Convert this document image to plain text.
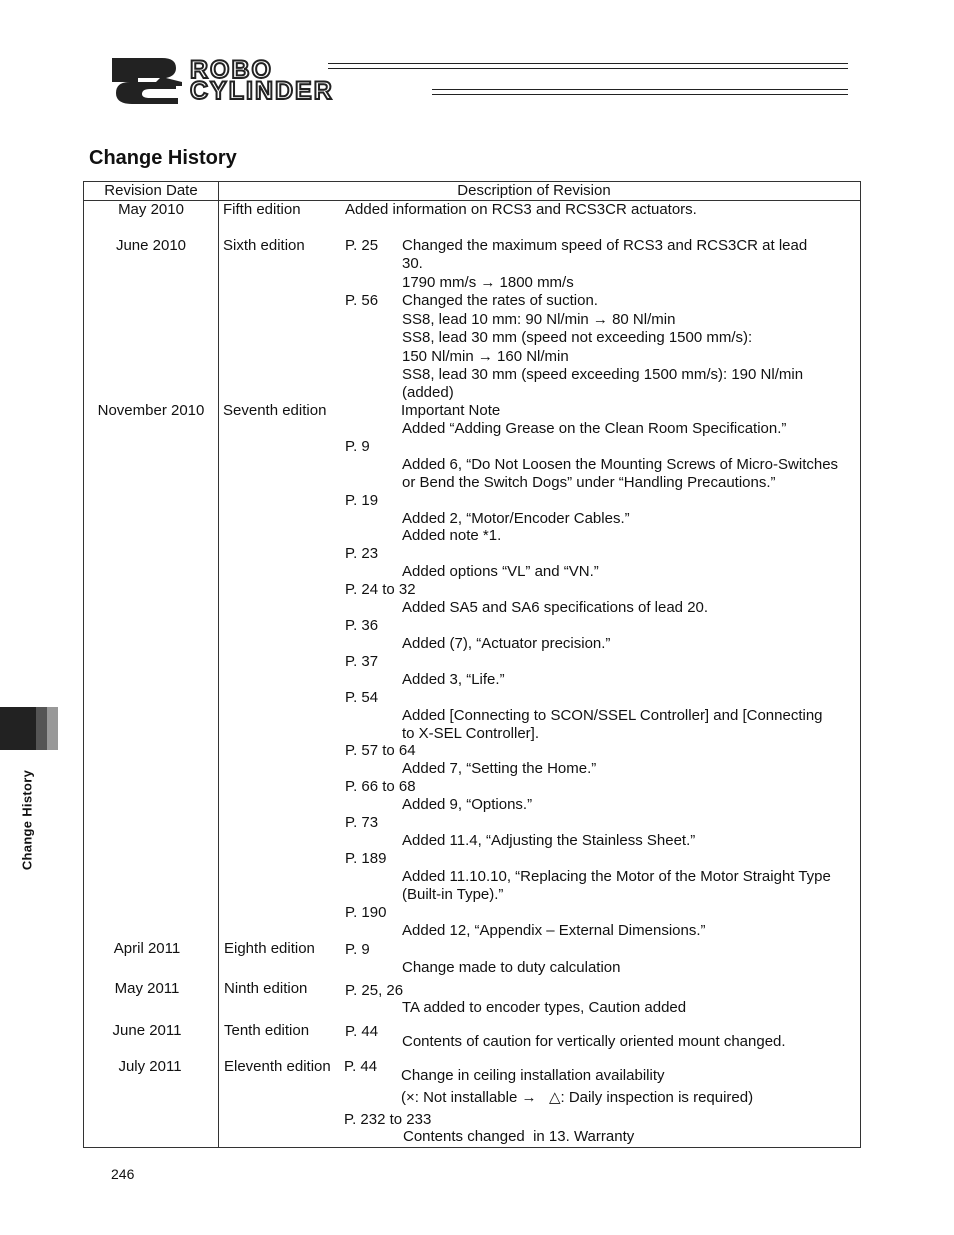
ROBO
CYLINDER
Change History
Revision Date	Description of Revision
May 2010	Fifth edition	Added information on RCS3 and RCS3CR actuators.
June 2010	Sixth edition	P. 25 Changed the maximum speed of RCS3 and RCS3CR at lead
30.
1790 mm/s → 1800 mm/s
P. 56 Changed the rates of suction.
SS8, lead 10 mm: 90 Nl/min → 80 Nl/min
SS8, lead 30 mm (speed not exceeding 1500 mm/s):
150 Nl/min → 160 Nl/min
SS8, lead 30 mm (speed exceeding 1500 mm/s): 190 Nl/min
(added)
November 2010	Seventh edition	Important Note
Added “Adding Grease on the Clean Room Specification.”
P. 9
Added 6, “Do Not Loosen the Mounting Screws of Micro-Switches
or Bend the Switch Dogs” under “Handling Precautions.”
P. 19
Added 2, “Motor/Encoder Cables.”
Added note *1.
P. 23
Added options “VL” and “VN.”
P. 24 to 32
Added SA5 and SA6 specifications of lead 20.
P. 36
Added (7), “Actuator precision.”
P. 37
Added 3, “Life.”
P. 54
Added [Connecting to SCON/SSEL Controller] and [Connecting
to X-SEL Controller].
P. 57 to 64
Added 7, “Setting the Home.”
P. 66 to 68
Added 9, “Options.”
P. 73
Added 11.4, “Adjusting the Stainless Sheet.”
P. 189
Added 11.10.10, “Replacing the Motor of the Motor Straight Type
(Built-in Type).”
P. 190
Added 12, “Appendix – External Dimensions.”
April 2011	Eighth edition P. 9
Change made to duty calculation
May 2011	Ninth edition	P. 25, 26
TA added to encoder types, Caution added
June 2011	Tenth edition P. 44
Contents of caution for vertically oriented mount changed.
July 2011	Eleventh edition P. 44
Change in ceiling installation availability
(×: Not installable →   △: Daily inspection is required)
P. 232 to 233
Contents changed  in 13. Warranty
Change History
246
